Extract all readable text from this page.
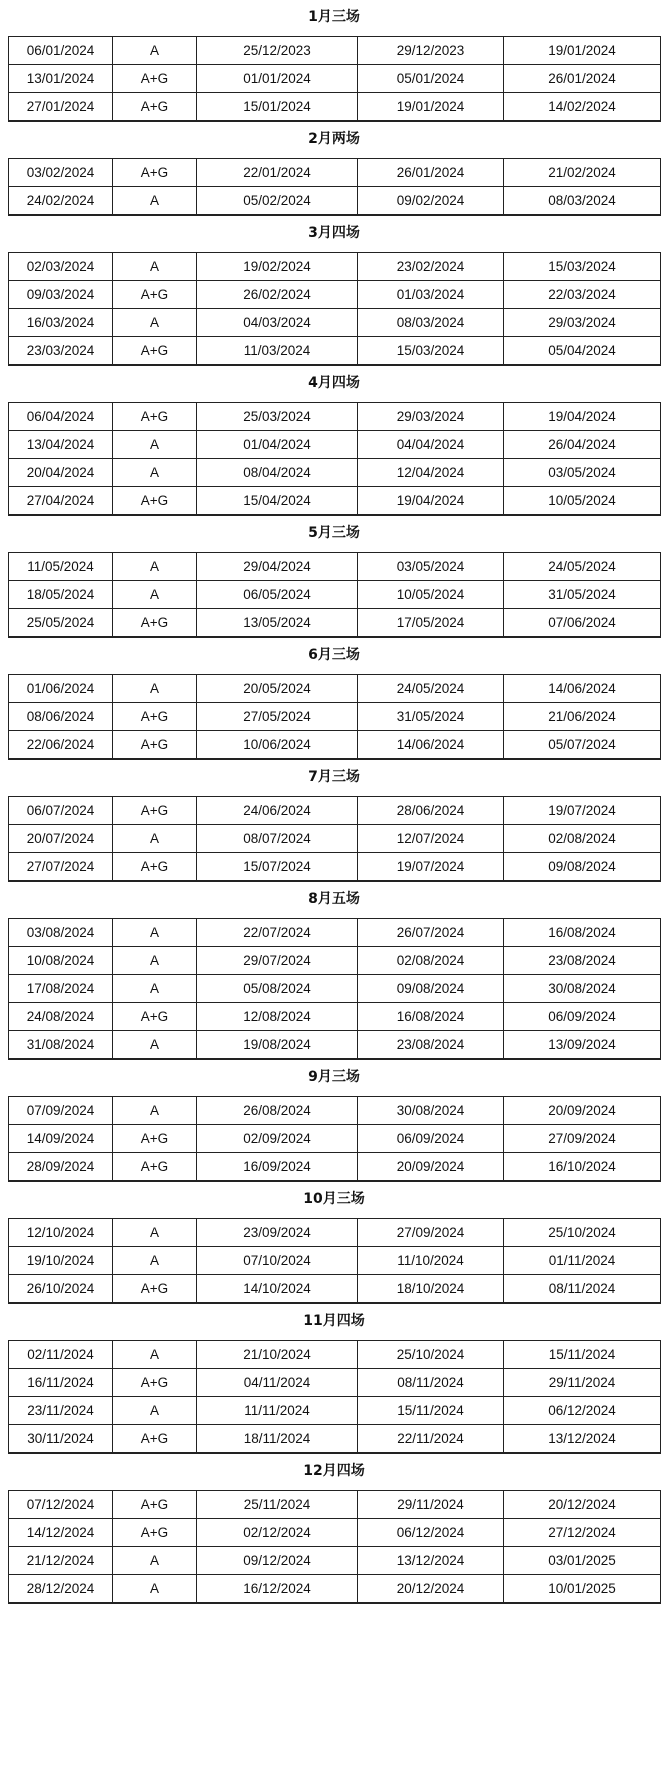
1月三场
06/01/2024	A	25/12/2023	29/12/2023	19/01/2024
13/01/2024	A+G	01/01/2024	05/01/2024	26/01/2024
27/01/2024	A+G	15/01/2024	19/01/2024	14/02/2024
2月两场
03/02/2024	A+G	22/01/2024	26/01/2024	21/02/2024
24/02/2024	A	05/02/2024	09/02/2024	08/03/2024
3月四场
02/03/2024	A	19/02/2024	23/02/2024	15/03/2024
09/03/2024	A+G	26/02/2024	01/03/2024	22/03/2024
16/03/2024	A	04/03/2024	08/03/2024	29/03/2024
23/03/2024	A+G	11/03/2024	15/03/2024	05/04/2024
4月四场
06/04/2024	A+G	25/03/2024	29/03/2024	19/04/2024
13/04/2024	A	01/04/2024	04/04/2024	26/04/2024
20/04/2024	A	08/04/2024	12/04/2024	03/05/2024
27/04/2024	A+G	15/04/2024	19/04/2024	10/05/2024
5月三场
11/05/2024	A	29/04/2024	03/05/2024	24/05/2024
18/05/2024	A	06/05/2024	10/05/2024	31/05/2024
25/05/2024	A+G	13/05/2024	17/05/2024	07/06/2024
6月三场
01/06/2024	A	20/05/2024	24/05/2024	14/06/2024
08/06/2024	A+G	27/05/2024	31/05/2024	21/06/2024
22/06/2024	A+G	10/06/2024	14/06/2024	05/07/2024
7月三场
06/07/2024	A+G	24/06/2024	28/06/2024	19/07/2024
20/07/2024	A	08/07/2024	12/07/2024	02/08/2024
27/07/2024	A+G	15/07/2024	19/07/2024	09/08/2024
8月五场
03/08/2024	A	22/07/2024	26/07/2024	16/08/2024
10/08/2024	A	29/07/2024	02/08/2024	23/08/2024
17/08/2024	A	05/08/2024	09/08/2024	30/08/2024
24/08/2024	A+G	12/08/2024	16/08/2024	06/09/2024
31/08/2024	A	19/08/2024	23/08/2024	13/09/2024
9月三场
07/09/2024	A	26/08/2024	30/08/2024	20/09/2024
14/09/2024	A+G	02/09/2024	06/09/2024	27/09/2024
28/09/2024	A+G	16/09/2024	20/09/2024	16/10/2024
10月三场
12/10/2024	A	23/09/2024	27/09/2024	25/10/2024
19/10/2024	A	07/10/2024	11/10/2024	01/11/2024
26/10/2024	A+G	14/10/2024	18/10/2024	08/11/2024
11月四场
02/11/2024	A	21/10/2024	25/10/2024	15/11/2024
16/11/2024	A+G	04/11/2024	08/11/2024	29/11/2024
23/11/2024	A	11/11/2024	15/11/2024	06/12/2024
30/11/2024	A+G	18/11/2024	22/11/2024	13/12/2024
12月四场
07/12/2024	A+G	25/11/2024	29/11/2024	20/12/2024
14/12/2024	A+G	02/12/2024	06/12/2024	27/12/2024
21/12/2024	A	09/12/2024	13/12/2024	03/01/2025
28/12/2024	A	16/12/2024	20/12/2024	10/01/2025
